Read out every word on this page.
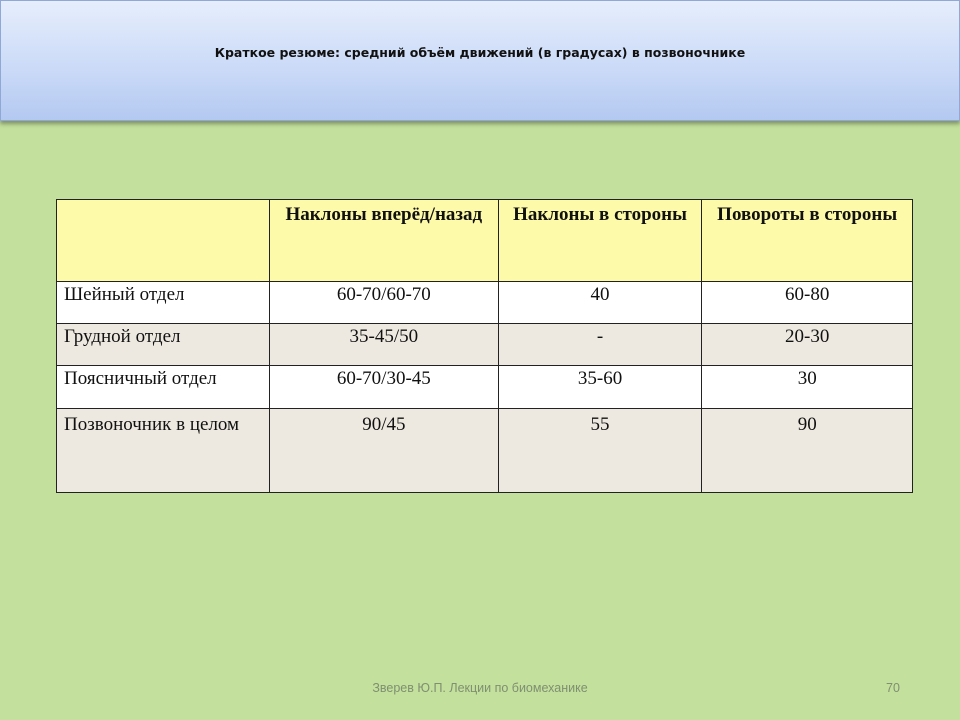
Краткое резюме: средний объём движений (в градусах) в позвоночнике
	Наклоны вперёд/назад	Наклоны в стороны	Повороты в стороны
Шейный отдел	60-70/60-70	40	60-80
Грудной отдел	35-45/50	-	20-30
Поясничный отдел	60-70/30-45	35-60	30
Позвоночник в целом	90/45	55	90
Зверев Ю.П. Лекции по биомеханике	70
